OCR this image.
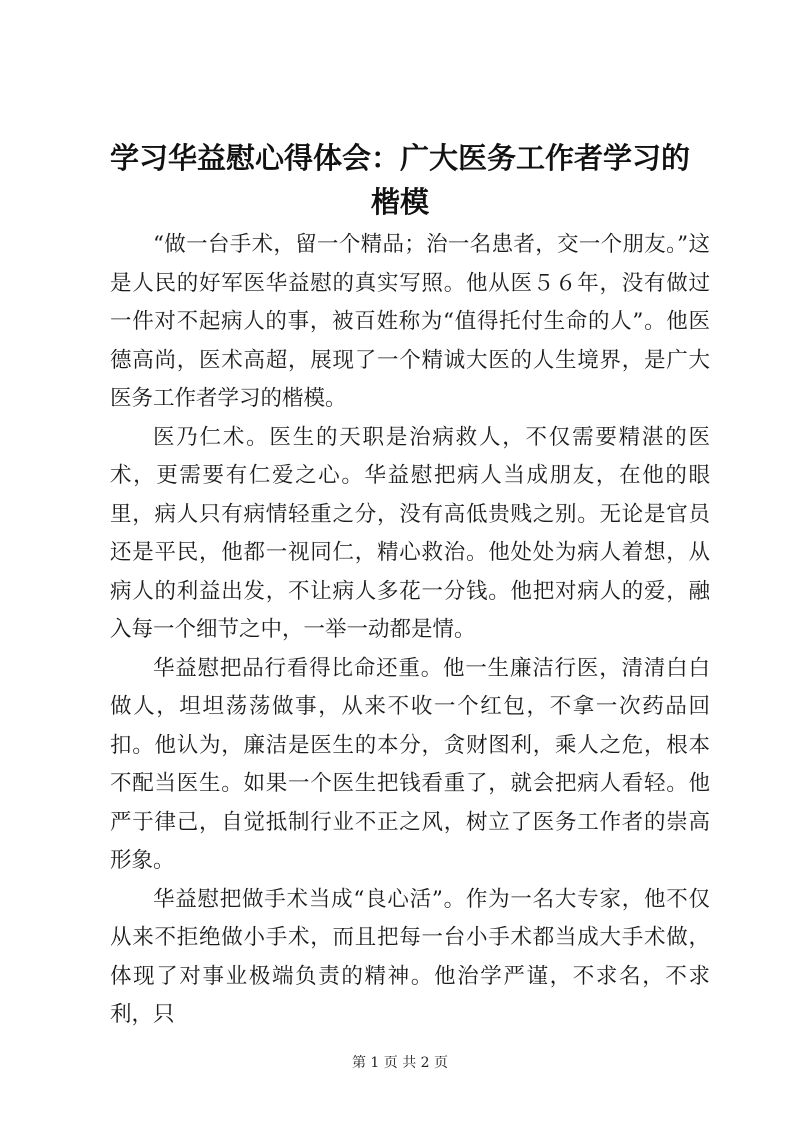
学习华益慰心得体会：广大医务工作者学习的楷模

“做一台手术，留一个精品；治一名患者，交一个朋友。”这是人民的好军医华益慰的真实写照。他从医５６年，没有做过一件对不起病人的事，被百姓称为“值得托付生命的人”。他医德高尚，医术高超，展现了一个精诚大医的人生境界，是广大医务工作者学习的楷模。

医乃仁术。医生的天职是治病救人，不仅需要精湛的医术，更需要有仁爱之心。华益慰把病人当成朋友，在他的眼里，病人只有病情轻重之分，没有高低贵贱之别。无论是官员还是平民，他都一视同仁，精心救治。他处处为病人着想，从病人的利益出发，不让病人多花一分钱。他把对病人的爱，融入每一个细节之中，一举一动都是情。

华益慰把品行看得比命还重。他一生廉洁行医，清清白白做人，坦坦荡荡做事，从来不收一个红包，不拿一次药品回扣。他认为，廉洁是医生的本分，贪财图利，乘人之危，根本不配当医生。如果一个医生把钱看重了，就会把病人看轻。他严于律己，自觉抵制行业不正之风，树立了医务工作者的崇高形象。

华益慰把做手术当成“良心活”。作为一名大专家，他不仅从来不拒绝做小手术，而且把每一台小手术都当成大手术做，体现了对事业极端负责的精神。他治学严谨，不求名，不求利，只

第 1 页 共 2 页
